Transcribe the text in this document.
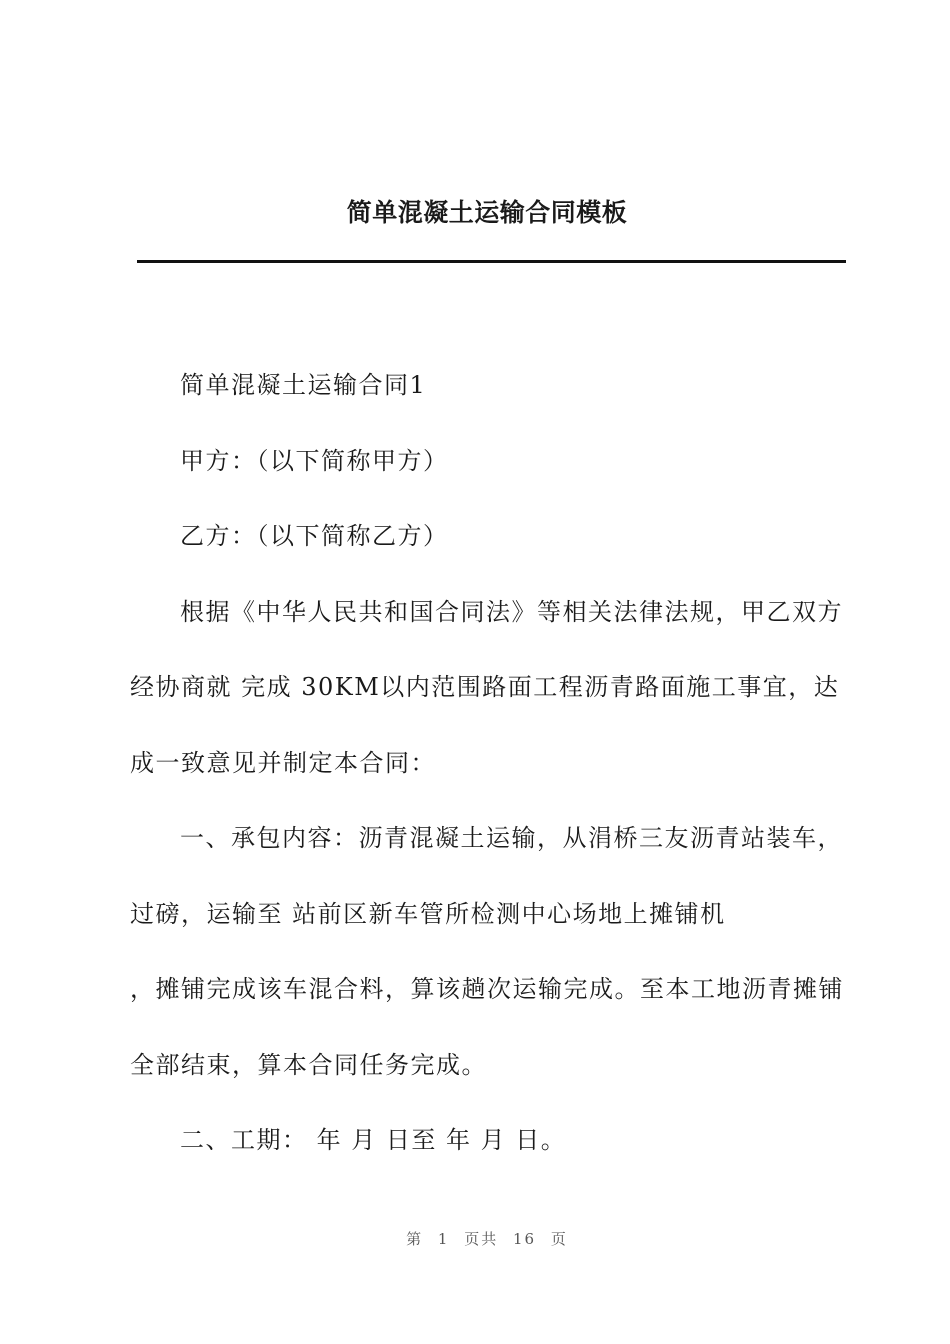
简单混凝土运输合同模板

简单混凝土运输合同1

甲方：（以下简称甲方）

乙方：（以下简称乙方）

根据《中华人民共和国合同法》等相关法律法规，甲乙双方

经协商就 完成 30KM以内范围路面工程沥青路面施工事宜，达

成一致意见并制定本合同：

一、承包内容：沥青混凝土运输，从涓桥三友沥青站装车，

过磅，运输至 站前区新车管所检测中心场地上摊铺机

，摊铺完成该车混合料，算该趟次运输完成。至本工地沥青摊铺

全部结束，算本合同任务完成。

二、工期： 年 月 日至 年 月 日。

第 1 页共 16 页
